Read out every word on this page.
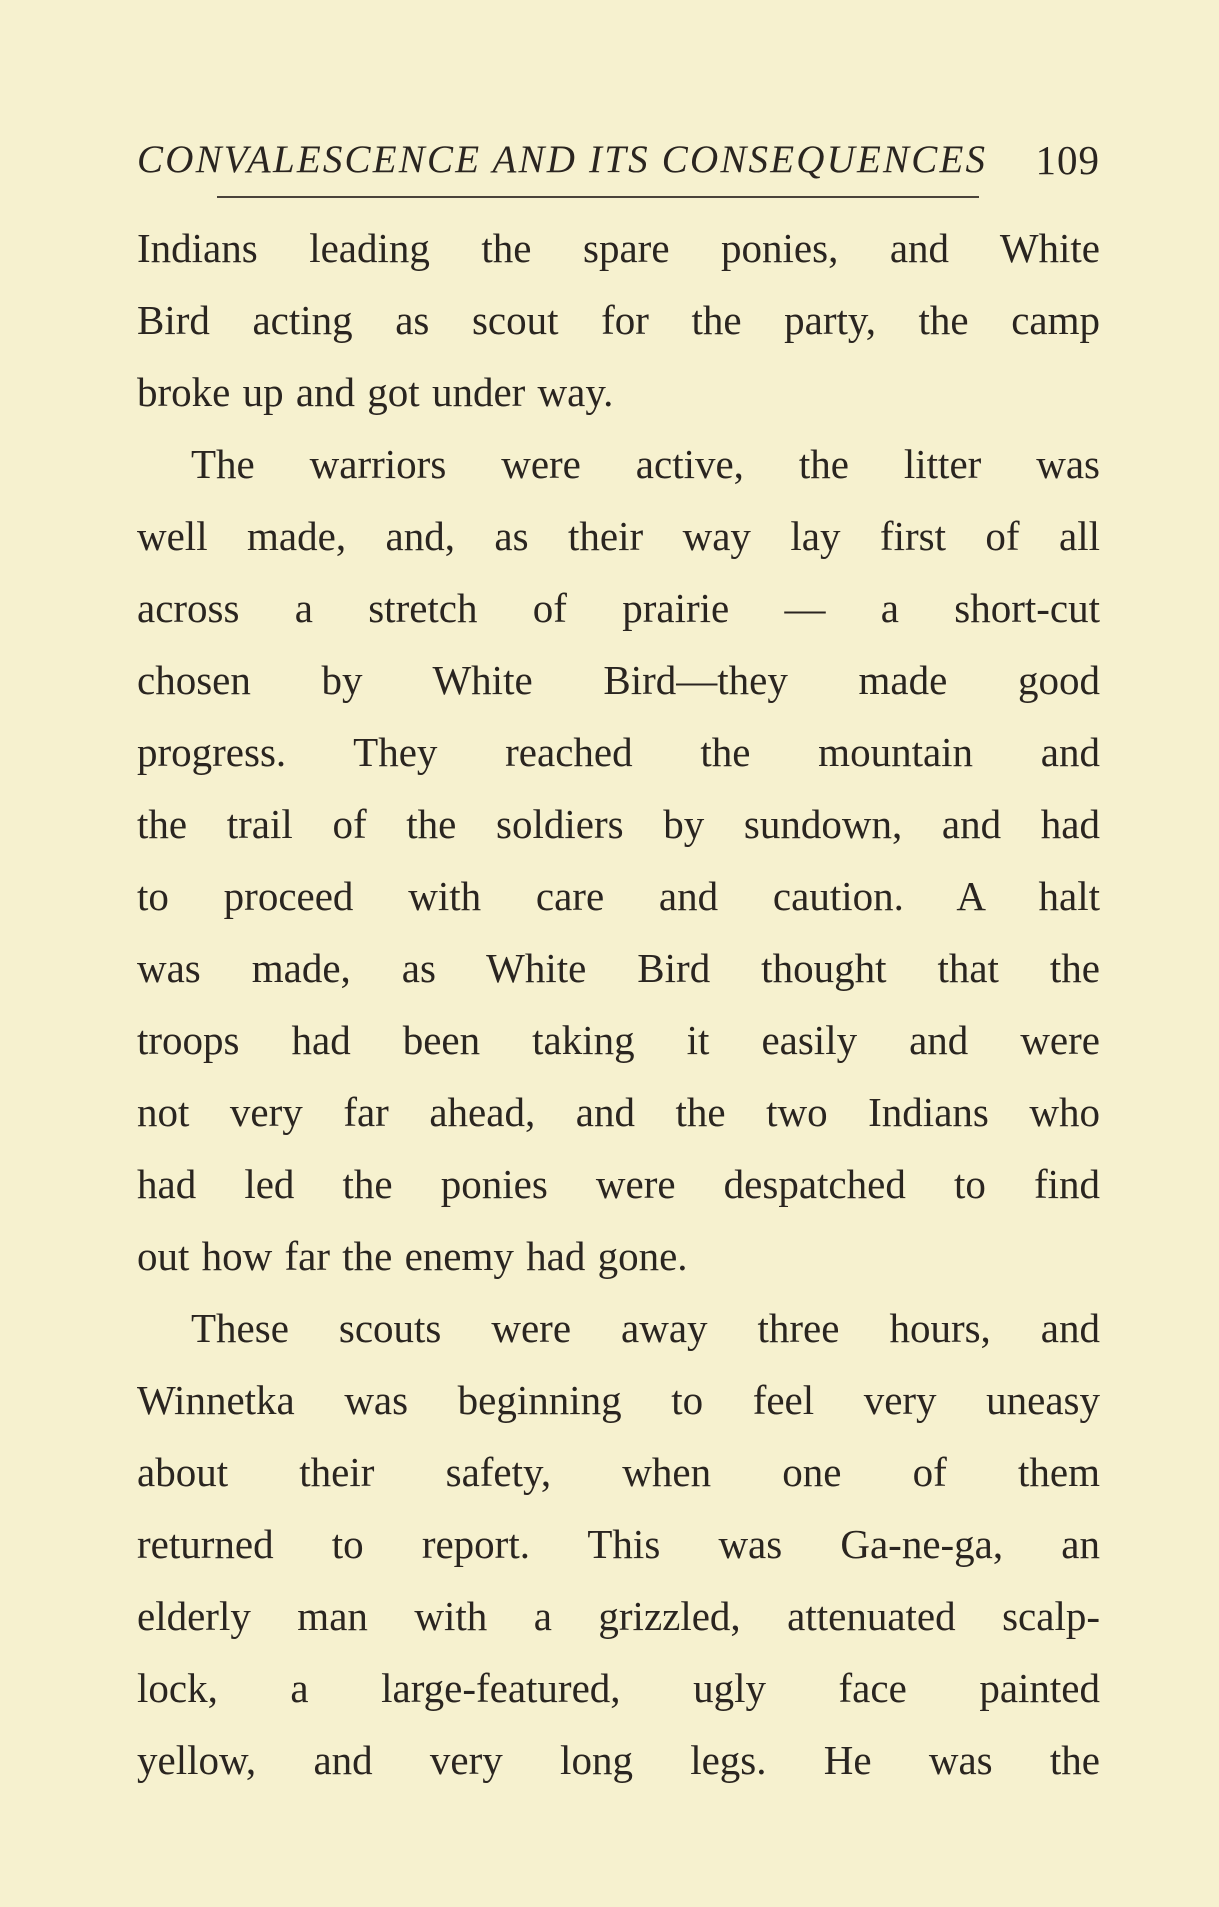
CONVALESCENCE AND ITS CONSEQUENCES 109
Indians leading the spare ponies, and White
Bird acting as scout for the party, the camp
broke up and got under way.
The warriors were active, the litter was
well made, and, as their way lay first of all
across a stretch of prairie — a short-cut
chosen by White Bird—they made good
progress. They reached the mountain and
the trail of the soldiers by sundown, and had
to proceed with care and caution. A halt
was made, as White Bird thought that the
troops had been taking it easily and were
not very far ahead, and the two Indians who
had led the ponies were despatched to find
out how far the enemy had gone.
These scouts were away three hours, and
Winnetka was beginning to feel very uneasy
about their safety, when one of them
returned to report. This was Ga-ne-ga, an
elderly man with a grizzled, attenuated scalp-
lock, a large-featured, ugly face painted
yellow, and very long legs. He was the
